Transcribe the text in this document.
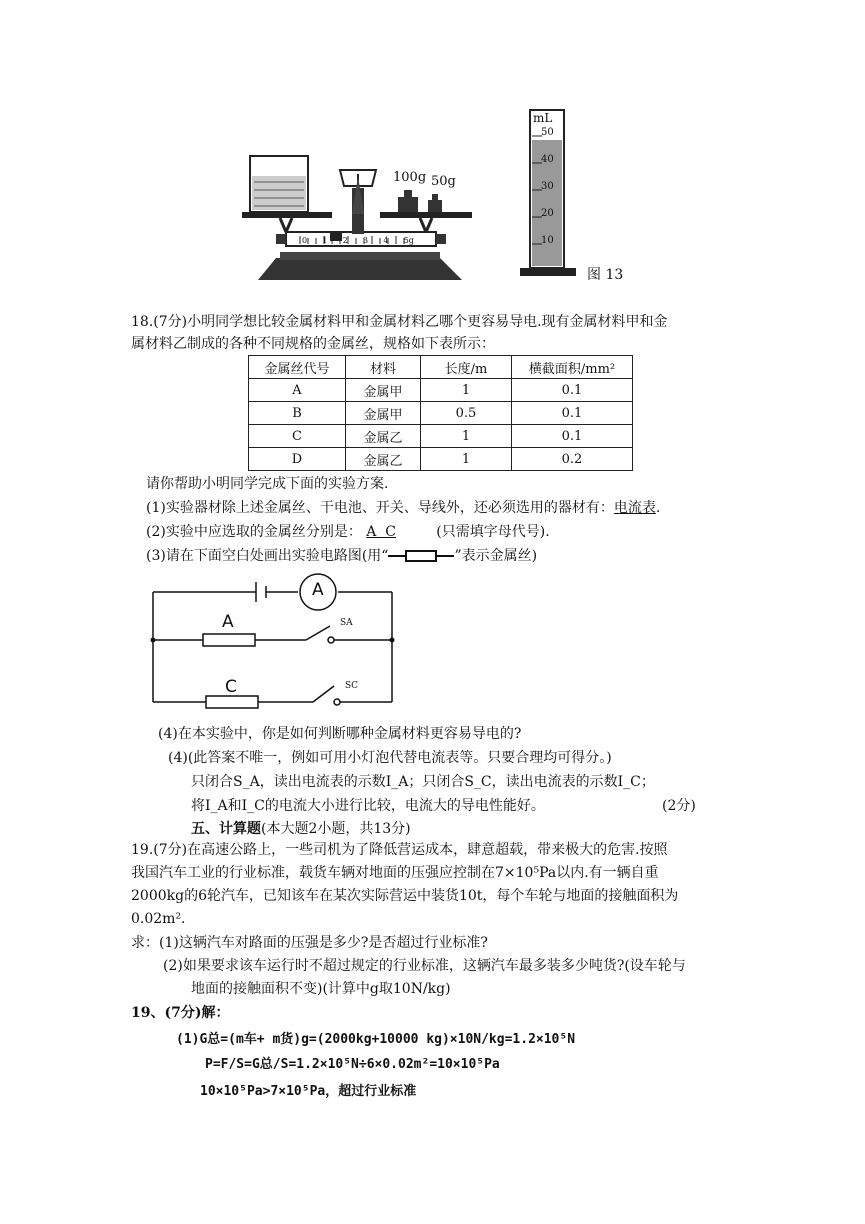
100g 50g
0 1 2 3 4 5g
mL
50
40
30
20
10
图 13
18.(7分)小明同学想比较金属材料甲和金属材料乙哪个更容易导电.现有金属材料甲和金
属材料乙制成的各种不同规格的金属丝，规格如下表所示：
金属丝代号	材料	长度/m	横截面积/mm²
A	金属甲	1	0.1
B	金属甲	0.5	0.1
C	金属乙	1	0.1
D	金属乙	1	0.2
请你帮助小明同学完成下面的实验方案.
(1)实验器材除上述金属丝、干电池、开关、导线外，还必须选用的器材有：电流表.
(2)实验中应选取的金属丝分别是： A  C	(只需填字母代号).
(3)请在下面空白处画出实验电路图(用“	”表示金属丝)
A
A	SA
C	SC
(4)在本实验中，你是如何判断哪种金属材料更容易导电的?
(4)(此答案不唯一，例如可用小灯泡代替电流表等。只要合理均可得分。)
只闭合S_A，读出电流表的示数I_A；只闭合S_C，读出电流表的示数I_C；
将I_A和I_C的电流大小进行比较，电流大的导电性能好。	(2分)
五、计算题(本大题2小题，共13分)
19.(7分)在高速公路上，一些司机为了降低营运成本，肆意超载，带来极大的危害.按照
我国汽车工业的行业标准，载货车辆对地面的压强应控制在7×10⁵Pa以内.有一辆自重
2000kg的6轮汽车，已知该车在某次实际营运中装货10t，每个车轮与地面的接触面积为
0.02m².
求：(1)这辆汽车对路面的压强是多少?是否超过行业标准?
(2)如果要求该车运行时不超过规定的行业标准，这辆汽车最多装多少吨货?(设车轮与
地面的接触面积不变)(计算中g取10N/kg)
19、(7分)解：
(1)G总=(m车+ m货)g=(2000kg+10000 kg)×10N/kg=1.2×10⁵N
P=F/S=G总/S=1.2×10⁵N÷6×0.02m²=10×10⁵Pa
10×10⁵Pa>7×10⁵Pa，超过行业标准
